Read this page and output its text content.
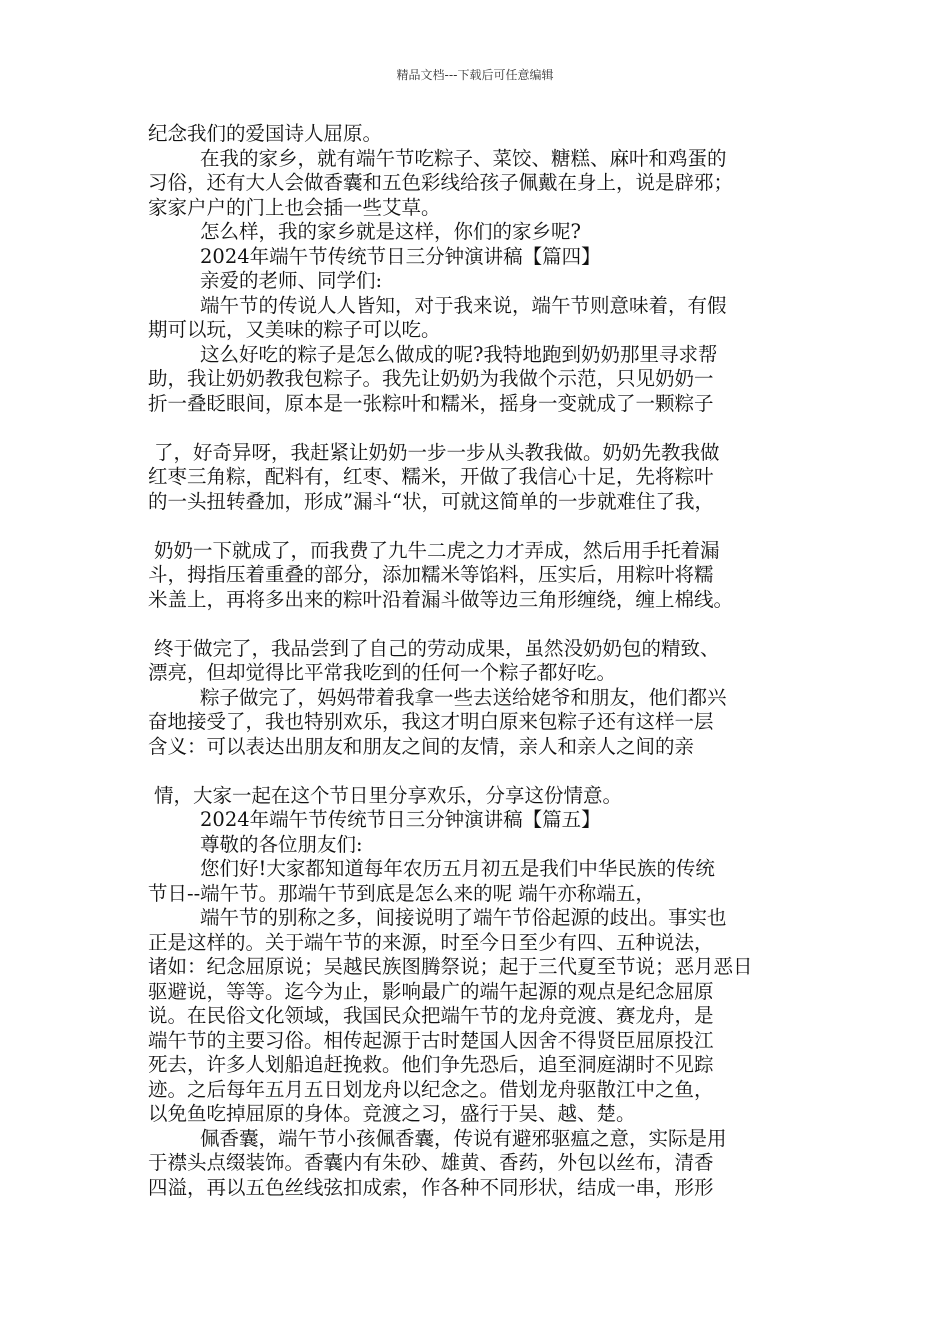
精品文档---下载后可任意编辑
纪念我们的爱国诗人屈原。
在我的家乡，就有端午节吃粽子、菜饺、糖糕、麻叶和鸡蛋的
习俗，还有大人会做香囊和五色彩线给孩子佩戴在身上，说是辟邪；
家家户户的门上也会插一些艾草。
怎么样，我的家乡就是这样，你们的家乡呢?
2024年端午节传统节日三分钟演讲稿【篇四】
亲爱的老师、同学们:
端午节的传说人人皆知，对于我来说，端午节则意味着，有假
期可以玩，又美味的粽子可以吃。
这么好吃的粽子是怎么做成的呢?我特地跑到奶奶那里寻求帮
助，我让奶奶教我包粽子。我先让奶奶为我做个示范，只见奶奶一
折一叠眨眼间，原本是一张粽叶和糯米，摇身一变就成了一颗粽子
了，好奇异呀，我赶紧让奶奶一步一步从头教我做。奶奶先教我做
红枣三角粽，配料有，红枣、糯米，开做了我信心十足，先将粽叶
的一头扭转叠加，形成”漏斗“状，可就这简单的一步就难住了我，
奶奶一下就成了，而我费了九牛二虎之力才弄成，然后用手托着漏
斗，拇指压着重叠的部分，添加糯米等馅料，压实后，用粽叶将糯
米盖上，再将多出来的粽叶沿着漏斗做等边三角形缠绕，缠上棉线。
终于做完了，我品尝到了自己的劳动成果，虽然没奶奶包的精致、
漂亮，但却觉得比平常我吃到的任何一个粽子都好吃。
粽子做完了，妈妈带着我拿一些去送给姥爷和朋友，他们都兴
奋地接受了，我也特别欢乐，我这才明白原来包粽子还有这样一层
含义：可以表达出朋友和朋友之间的友情，亲人和亲人之间的亲
情，大家一起在这个节日里分享欢乐，分享这份情意。
2024年端午节传统节日三分钟演讲稿【篇五】
尊敬的各位朋友们:
您们好!大家都知道每年农历五月初五是我们中华民族的传统
节日--端午节。那端午节到底是怎么来的呢 端午亦称端五，
端午节的别称之多，间接说明了端午节俗起源的歧出。事实也
正是这样的。关于端午节的来源，时至今日至少有四、五种说法，
诸如：纪念屈原说；吴越民族图腾祭说；起于三代夏至节说；恶月恶日
驱避说，等等。迄今为止，影响最广的端午起源的观点是纪念屈原
说。在民俗文化领域，我国民众把端午节的龙舟竞渡、赛龙舟，是
端午节的主要习俗。相传起源于古时楚国人因舍不得贤臣屈原投江
死去，许多人划船追赶挽救。他们争先恐后，追至洞庭湖时不见踪
迹。之后每年五月五日划龙舟以纪念之。借划龙舟驱散江中之鱼，
以免鱼吃掉屈原的身体。竞渡之习，盛行于吴、越、楚。
佩香囊，端午节小孩佩香囊，传说有避邪驱瘟之意，实际是用
于襟头点缀装饰。香囊内有朱砂、雄黄、香药，外包以丝布，清香
四溢，再以五色丝线弦扣成索，作各种不同形状，结成一串，形形
